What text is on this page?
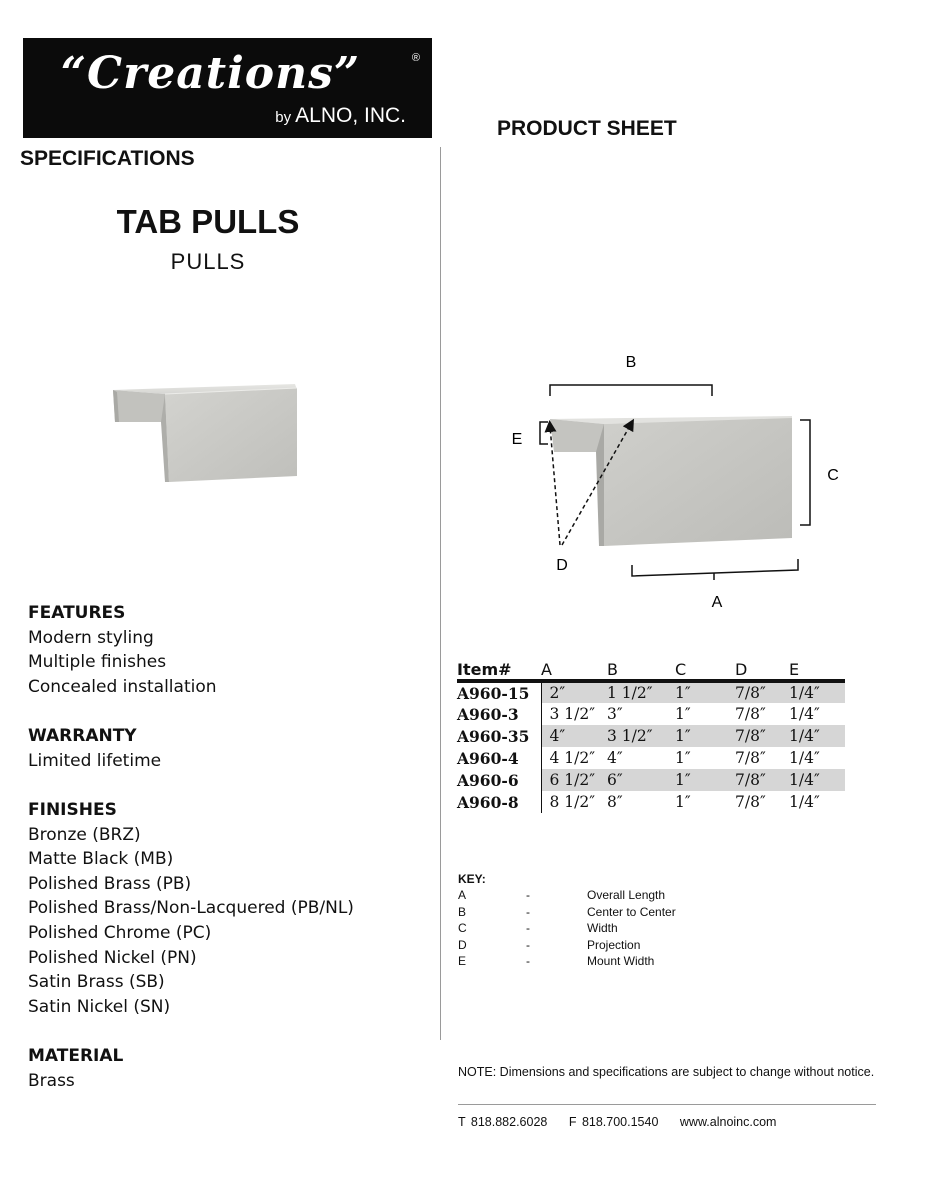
“Creations”	®
by ALNO, INC.
PRODUCT SHEET
SPECIFICATIONS
TAB PULLS
PULLS
FEATURES
Modern styling
Multiple finishes
Concealed installation
WARRANTY
Limited lifetime
FINISHES
Bronze (BRZ)
Matte Black (MB)
Polished Brass (PB)
Polished Brass/Non-Lacquered (PB/NL)
Polished Chrome (PC)
Polished Nickel (PN)
Satin Brass (SB)
Satin Nickel (SN)
MATERIAL
Brass
B
C
A
E
D
Item#	A	B	C	D	E
A960-15	2″	1 1/2″	1″	7/8″	1/4″
A960-3	3 1/2″	3″	1″	7/8″	1/4″
A960-35	4″	3 1/2″	1″	7/8″	1/4″
A960-4	4 1/2″	4″	1″	7/8″	1/4″
A960-6	6 1/2″	6″	1″	7/8″	1/4″
A960-8	8 1/2″	8″	1″	7/8″	1/4″
KEY:
A	-	Overall Length
B	-	Center to Center
C	-	Width
D	-	Projection
E	-	Mount Width
NOTE: Dimensions and specifications are subject to change without notice.
T 818.882.6028 F 818.700.1540 www.alnoinc.com
